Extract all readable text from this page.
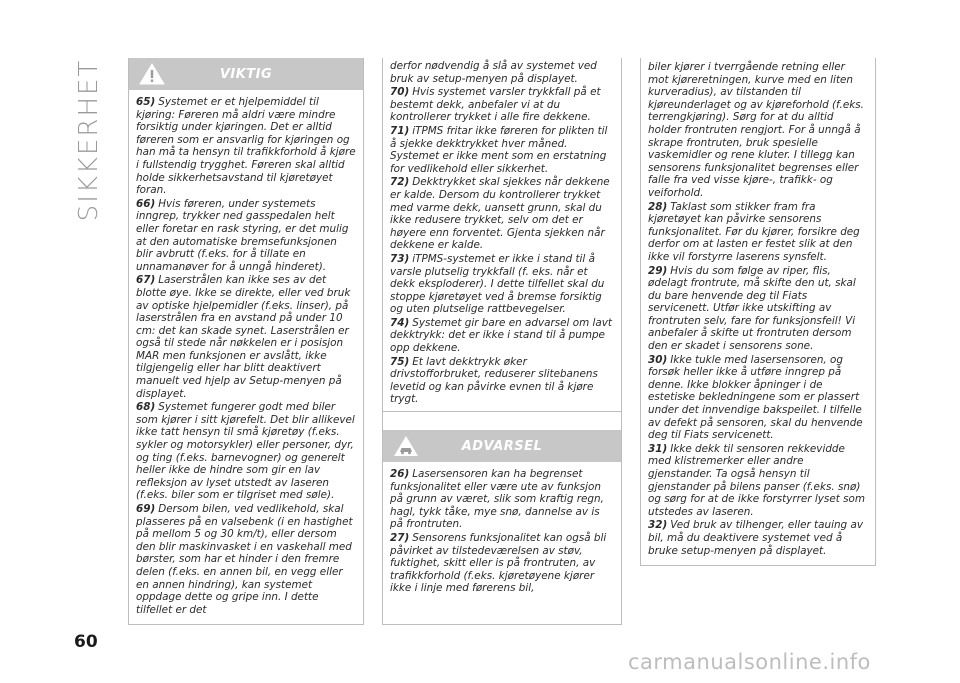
SIKKERHET
60
carmanualsonline.info
VIKTIG

65) Systemet er et hjelpemiddel til kjøring: Føreren må aldri være mindre forsiktig under kjøringen. Det er alltid føreren som er ansvarlig for kjøringen og han må ta hensyn til trafikkforhold å kjøre i fullstendig trygghet. Føreren skal alltid holde sikkerhetsavstand til kjøretøyet foran.

66) Hvis føreren, under systemets inngrep, trykker ned gasspedalen helt eller foretar en rask styring, er det mulig at den automatiske bremsefunksjonen blir avbrutt (f.eks. for å tillate en unnamanøver for å unngå hinderet).

67) Laserstrålen kan ikke ses av det blotte øye. Ikke se direkte, eller ved bruk av optiske hjelpemidler (f.eks. linser), på laserstrålen fra en avstand på under 10 cm: det kan skade synet. Laserstrålen er også til stede når nøkkelen er i posisjon MAR men funksjonen er avslått, ikke tilgjengelig eller har blitt deaktivert manuelt ved hjelp av Setup-menyen på displayet.

68) Systemet fungerer godt med biler som kjører i sitt kjørefelt. Det blir allikevel ikke tatt hensyn til små kjøretøy (f.eks. sykler og motorsykler) eller personer, dyr, og ting (f.eks. barnevogner) og generelt heller ikke de hindre som gir en lav refleksjon av lyset utstedt av laseren (f.eks. biler som er tilgriset med søle).

69) Dersom bilen, ved vedlikehold, skal plasseres på en valsebenk (i en hastighet på mellom 5 og 30 km/t), eller dersom den blir maskinvasket i en vaskehall med børster, som har et hinder i den fremre delen (f.eks. en annen bil, en vegg eller en annen hindring), kan systemet oppdage dette og gripe inn. I dette tilfellet er det

derfor nødvendig å slå av systemet ved bruk av setup-menyen på displayet.

70) Hvis systemet varsler trykkfall på et bestemt dekk, anbefaler vi at du kontrollerer trykket i alle fire dekkene.

71) iTPMS fritar ikke føreren for plikten til å sjekke dekktrykket hver måned. Systemet er ikke ment som en erstatning for vedlikehold eller sikkerhet.

72) Dekktrykket skal sjekkes når dekkene er kalde. Dersom du kontrollerer trykket med varme dekk, uansett grunn, skal du ikke redusere trykket, selv om det er høyere enn forventet. Gjenta sjekken når dekkene er kalde.

73) iTPMS-systemet er ikke i stand til å varsle plutselig trykkfall (f. eks. når et dekk eksploderer). I dette tilfellet skal du stoppe kjøretøyet ved å bremse forsiktig og uten plutselige rattbevegelser.

74) Systemet gir bare en advarsel om lavt dekktrykk: det er ikke i stand til å pumpe opp dekkene.

75) Et lavt dekktrykk øker drivstofforbruket, reduserer slitebanens levetid og kan påvirke evnen til å kjøre trygt.

ADVARSEL

26) Lasersensoren kan ha begrenset funksjonalitet eller være ute av funksjon på grunn av været, slik som kraftig regn, hagl, tykk tåke, mye snø, dannelse av is på frontruten.

27) Sensorens funksjonalitet kan også bli påvirket av tilstedeværelsen av støv, fuktighet, skitt eller is på frontruten, av trafikkforhold (f.eks. kjøretøyene kjører ikke i linje med førerens bil,

biler kjører i tverrgående retning eller mot kjøreretningen, kurve med en liten kurveradius), av tilstanden til kjøreunderlaget og av kjøreforhold (f.eks. terrengkjøring). Sørg for at du alltid holder frontruten rengjort. For å unngå å skrape frontruten, bruk spesielle vaskemidler og rene kluter. I tillegg kan sensorens funksjonalitet begrenses eller falle fra ved visse kjøre-, trafikk- og veiforhold.

28) Taklast som stikker fram fra kjøretøyet kan påvirke sensorens funksjonalitet. Før du kjører, forsikre deg derfor om at lasten er festet slik at den ikke vil forstyrre laserens synsfelt.

29) Hvis du som følge av riper, flis, ødelagt frontrute, må skifte den ut, skal du bare henvende deg til Fiats servicenett. Utfør ikke utskifting av frontruten selv, fare for funksjonsfeil! Vi anbefaler å skifte ut frontruten dersom den er skadet i sensorens sone.

30) Ikke tukle med lasersensoren, og forsøk heller ikke å utføre inngrep på denne. Ikke blokker åpninger i de estetiske bekledningene som er plassert under det innvendige bakspeilet. I tilfelle av defekt på sensoren, skal du henvende deg til Fiats servicenett.

31) Ikke dekk til sensoren rekkevidde med klistremerker eller andre gjenstander. Ta også hensyn til gjenstander på bilens panser (f.eks. snø) og sørg for at de ikke forstyrrer lyset som utstedes av laseren.

32) Ved bruk av tilhenger, eller tauing av bil, må du deaktivere systemet ved å bruke setup-menyen på displayet.
